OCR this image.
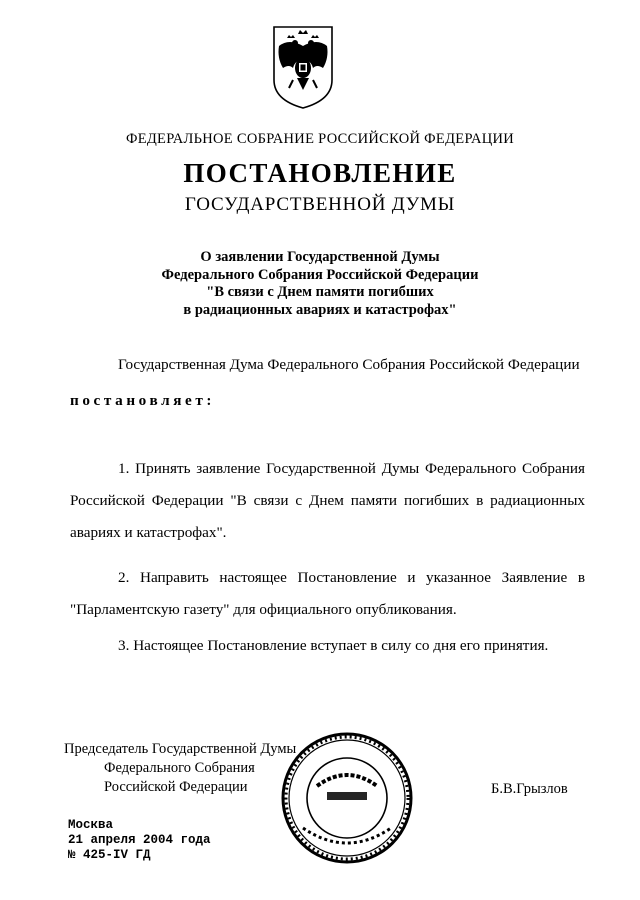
ФЕДЕРАЛЬНОЕ СОБРАНИЕ РОССИЙСКОЙ ФЕДЕРАЦИИ
ПОСТАНОВЛЕНИЕ
ГОСУДАРСТВЕННОЙ ДУМЫ
О заявлении Государственной Думы
Федерального Собрания Российской Федерации
"В связи с Днем памяти погибших
в радиационных авариях и катастрофах"
Государственная Дума Федерального Собрания Российской Федерации
постановляет:
1. Принять заявление Государственной Думы Федерального Собрания
Российской Федерации "В связи с Днем памяти погибших в радиационных
авариях и катастрофах".
2. Направить настоящее Постановление и указанное Заявление в
"Парламентскую газету" для официального опубликования.
3. Настоящее Постановление вступает в силу со дня его принятия.
Председатель Государственной Думы
Федерального Собрания
Российской Федерации	Б.В.Грызлов
Москва
21 апреля 2004 года
№ 425-IV ГД
